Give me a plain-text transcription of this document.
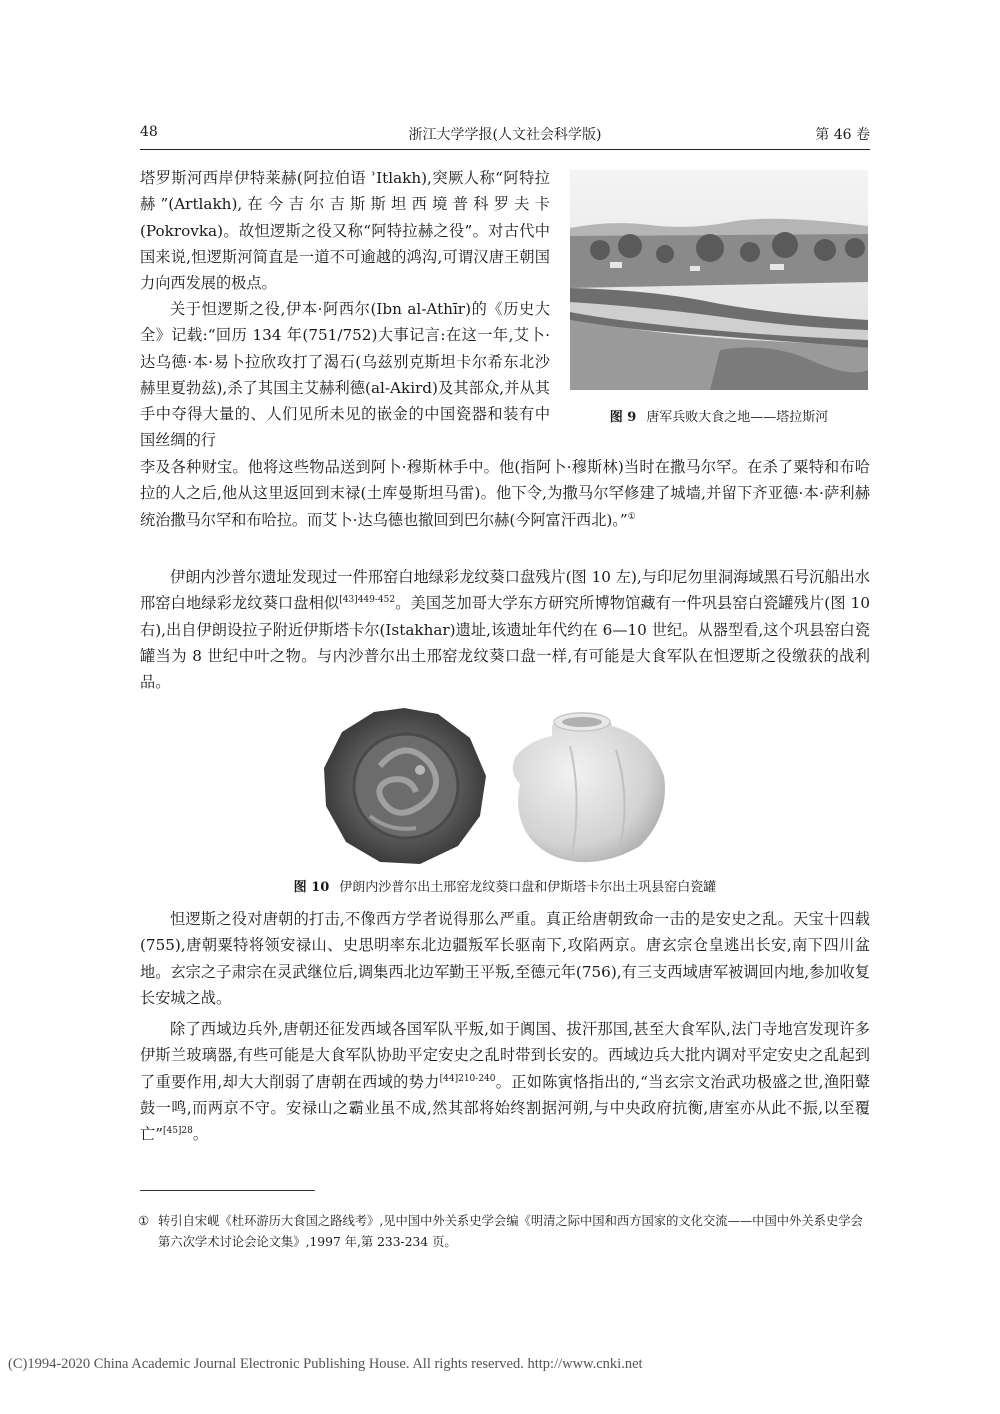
48	浙江大学学报(人文社会科学版)	第 46 卷

塔罗斯河西岸伊特莱赫(阿拉伯语 ʾItlakh),突厥人称“阿特拉赫”(Artlakh),在今吉尔吉斯斯坦西境普科罗夫卡(Pokrovka)。故怛逻斯之役又称“阿特拉赫之役”。对古代中国来说,怛逻斯河简直是一道不可逾越的鸿沟,可谓汉唐王朝国力向西发展的极点。

关于怛逻斯之役,伊本·阿西尔(Ibn al-Athīr)的《历史大全》记载:“回历 134 年(751/752)大事记言:在这一年,艾卜·达乌德·本·易卜拉欣攻打了渴石(乌兹别克斯坦卡尔希东北沙赫里夏勃兹),杀了其国主艾赫利德(al-Akird)及其部众,并从其手中夺得大量的、人们见所未见的嵌金的中国瓷器和装有中国丝绸的行

图 9 唐军兵败大食之地——塔拉斯河

李及各种财宝。他将这些物品送到阿卜·穆斯林手中。他(指阿卜·穆斯林)当时在撒马尔罕。在杀了粟特和布哈拉的人之后,他从这里返回到末禄(土库曼斯坦马雷)。他下令,为撒马尔罕修建了城墙,并留下齐亚德·本·萨利赫统治撒马尔罕和布哈拉。而艾卜·达乌德也撤回到巴尔赫(今阿富汗西北)。”①

伊朗内沙普尔遗址发现过一件邢窑白地绿彩龙纹葵口盘残片(图 10 左),与印尼勿里洞海域黑石号沉船出水邢窑白地绿彩龙纹葵口盘相似$^{[43]449-452}$。美国芝加哥大学东方研究所博物馆藏有一件巩县窑白瓷罐残片(图 10 右),出自伊朗设拉子附近伊斯塔卡尔(Istakhar)遗址,该遗址年代约在 6—10 世纪。从器型看,这个巩县窑白瓷罐当为 8 世纪中叶之物。与内沙普尔出土邢窑龙纹葵口盘一样,有可能是大食军队在怛逻斯之役缴获的战利品。

图 10 伊朗内沙普尔出土邢窑龙纹葵口盘和伊斯塔卡尔出土巩县窑白瓷罐

怛逻斯之役对唐朝的打击,不像西方学者说得那么严重。真正给唐朝致命一击的是安史之乱。天宝十四载(755),唐朝粟特将领安禄山、史思明率东北边疆叛军长驱南下,攻陷两京。唐玄宗仓皇逃出长安,南下四川盆地。玄宗之子肃宗在灵武继位后,调集西北边军勤王平叛,至德元年(756),有三支西域唐军被调回内地,参加收复长安城之战。

除了西域边兵外,唐朝还征发西域各国军队平叛,如于阗国、拔汗那国,甚至大食军队,法门寺地宫发现许多伊斯兰玻璃器,有些可能是大食军队协助平定安史之乱时带到长安的。西域边兵大批内调对平定安史之乱起到了重要作用,却大大削弱了唐朝在西域的势力$^{[44]210-240}$。正如陈寅恪指出的,“当玄宗文治武功极盛之世,渔阳鼙鼓一鸣,而两京不守。安禄山之霸业虽不成,然其部将始终割据河朔,与中央政府抗衡,唐室亦从此不振,以至覆亡”$^{[45]28}$。

① 转引自宋岘《杜环游历大食国之路线考》,见中国中外关系史学会编《明清之际中国和西方国家的文化交流——中国中外关系史学会第六次学术讨论会论文集》,1997 年,第 233-234 页。

(C)1994-2020 China Academic Journal Electronic Publishing House. All rights reserved. http://www.cnki.net
